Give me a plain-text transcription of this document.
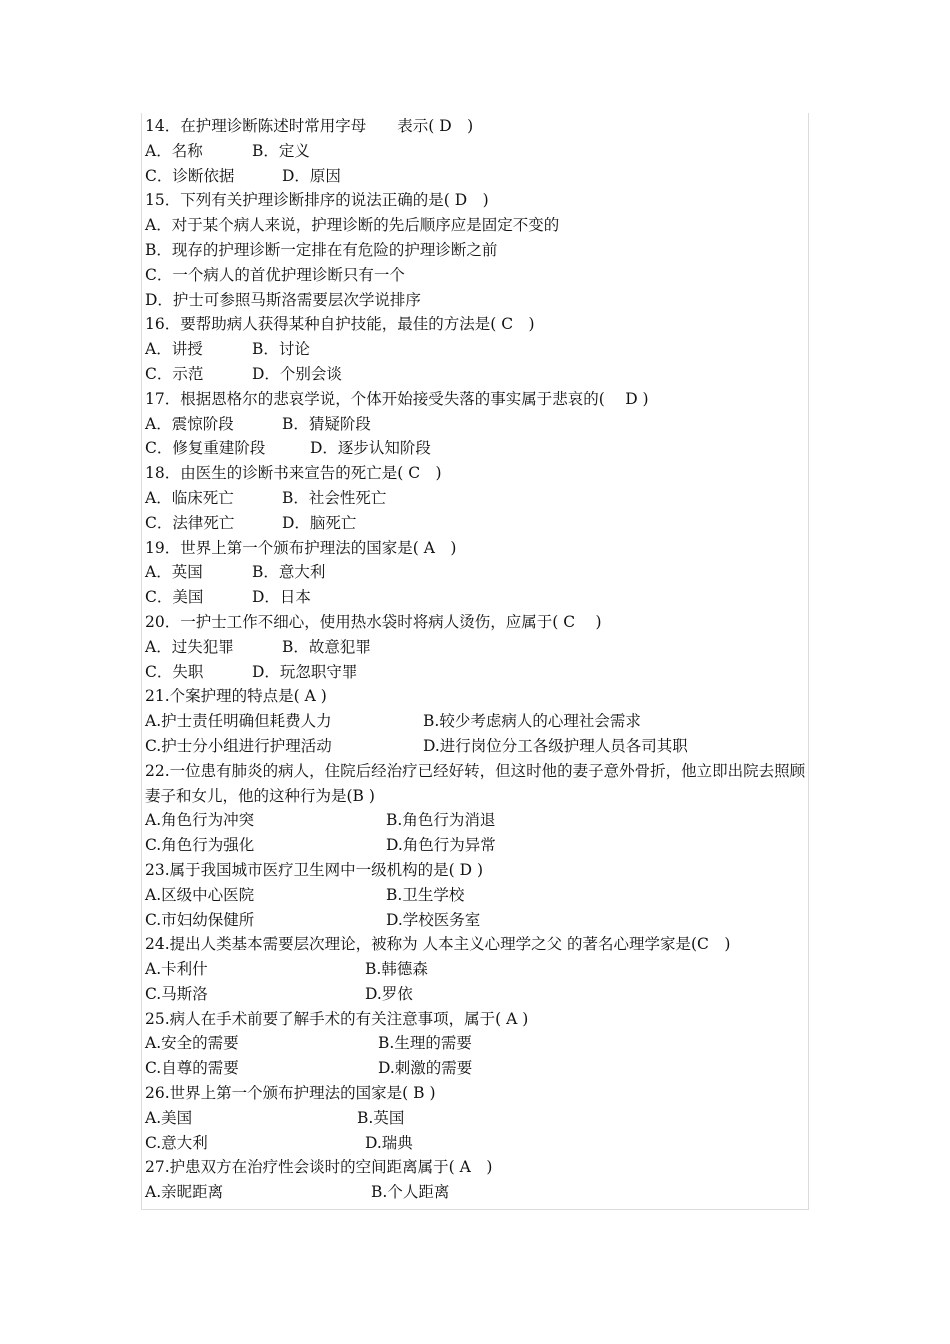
14．在护理诊断陈述时常用字母　　表示( D　)
A．名称	B．定义
C．诊断依据	D．原因
15．下列有关护理诊断排序的说法正确的是( D　)
A．对于某个病人来说，护理诊断的先后顺序应是固定不变的
B．现存的护理诊断一定排在有危险的护理诊断之前
C．一个病人的首优护理诊断只有一个
D．护士可参照马斯洛需要层次学说排序
16．要帮助病人获得某种自护技能，最佳的方法是( C　)
A．讲授	B．讨论
C．示范	D．个别会谈
17．根据恩格尔的悲哀学说，个体开始接受失落的事实属于悲哀的(　 D )
A．震惊阶段	B．猜疑阶段
C．修复重建阶段	D．逐步认知阶段
18．由医生的诊断书来宣告的死亡是( C　)
A．临床死亡	B．社会性死亡
C．法律死亡	D．脑死亡
19．世界上第一个颁布护理法的国家是( A　)
A．英国	B．意大利
C．美国	D．日本
20．一护士工作不细心，使用热水袋时将病人烫伤，应属于( C　 )
A．过失犯罪	B．故意犯罪
C．失职	D．玩忽职守罪
21.个案护理的特点是( A )
A.护士责任明确但耗费人力	B.较少考虑病人的心理社会需求
C.护士分小组进行护理活动	D.进行岗位分工各级护理人员各司其职
22.一位患有肺炎的病人，住院后经治疗已经好转，但这时他的妻子意外骨折，他立即出院去照顾妻子和女儿，他的这种行为是(B )
A.角色行为冲突	B.角色行为消退
C.角色行为强化	D.角色行为异常
23.属于我国城市医疗卫生网中一级机构的是( D )
A.区级中心医院	B.卫生学校
C.市妇幼保健所	D.学校医务室
24.提出人类基本需要层次理论，被称为 人本主义心理学之父 的著名心理学家是(C　)
A.卡利什	B.韩德森
C.马斯洛	D.罗依
25.病人在手术前要了解手术的有关注意事项，属于( A )
A.安全的需要	B.生理的需要
C.自尊的需要	D.刺激的需要
26.世界上第一个颁布护理法的国家是( B )
A.美国	B.英国
C.意大利	D.瑞典
27.护患双方在治疗性会谈时的空间距离属于( A　)
A.亲昵距离	B.个人距离
